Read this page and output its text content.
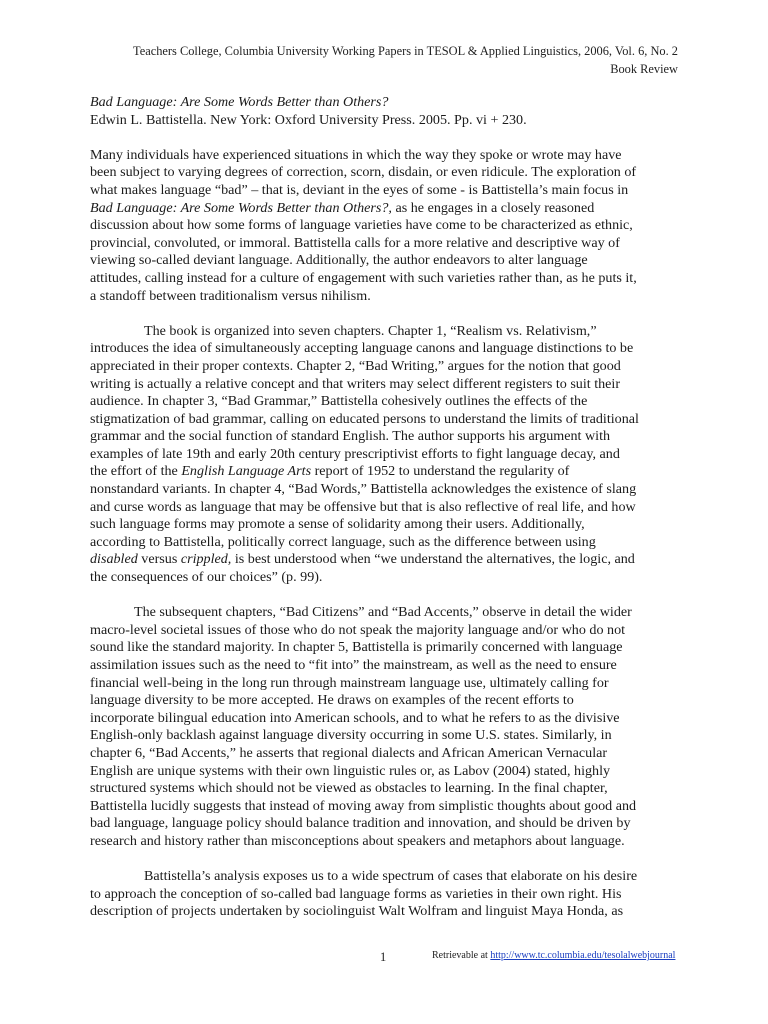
Teachers College, Columbia University Working Papers in TESOL & Applied Linguistics, 2006, Vol. 6, No. 2
Book Review

Bad Language: Are Some Words Better than Others?

Edwin L. Battistella. New York: Oxford University Press. 2005. Pp. vi + 230.

Many individuals have experienced situations in which the way they spoke or wrote may have
been subject to varying degrees of correction, scorn, disdain, or even ridicule. The exploration of
what makes language “bad” – that is, deviant in the eyes of some - is Battistella’s main focus in
Bad Language: Are Some Words Better than Others?, as he engages in a closely reasoned
discussion about how some forms of language varieties have come to be characterized as ethnic,
provincial, convoluted, or immoral. Battistella calls for a more relative and descriptive way of
viewing so-called deviant language. Additionally, the author endeavors to alter language
attitudes, calling instead for a culture of engagement with such varieties rather than, as he puts it,
a standoff between traditionalism versus nihilism.
The book is organized into seven chapters. Chapter 1, “Realism vs. Relativism,”
introduces the idea of simultaneously accepting language canons and language distinctions to be
appreciated in their proper contexts. Chapter 2, “Bad Writing,” argues for the notion that good
writing is actually a relative concept and that writers may select different registers to suit their
audience. In chapter 3, “Bad Grammar,” Battistella cohesively outlines the effects of the
stigmatization of bad grammar, calling on educated persons to understand the limits of traditional
grammar and the social function of standard English. The author supports his argument with
examples of late 19th and early 20th century prescriptivist efforts to fight language decay, and
the effort of the English Language Arts report of 1952 to understand the regularity of
nonstandard variants. In chapter 4, “Bad Words,” Battistella acknowledges the existence of slang
and curse words as language that may be offensive but that is also reflective of real life, and how
such language forms may promote a sense of solidarity among their users. Additionally,
according to Battistella, politically correct language, such as the difference between using
disabled versus crippled, is best understood when “we understand the alternatives, the logic, and
the consequences of our choices” (p. 99).
The subsequent chapters, “Bad Citizens” and “Bad Accents,” observe in detail the wider
macro-level societal issues of those who do not speak the majority language and/or who do not
sound like the standard majority. In chapter 5, Battistella is primarily concerned with language
assimilation issues such as the need to “fit into” the mainstream, as well as the need to ensure
financial well-being in the long run through mainstream language use, ultimately calling for
language diversity to be more accepted. He draws on examples of the recent efforts to
incorporate bilingual education into American schools, and to what he refers to as the divisive
English-only backlash against language diversity occurring in some U.S. states. Similarly, in
chapter 6, “Bad Accents,” he asserts that regional dialects and African American Vernacular
English are unique systems with their own linguistic rules or, as Labov (2004) stated, highly
structured systems which should not be viewed as obstacles to learning. In the final chapter,
Battistella lucidly suggests that instead of moving away from simplistic thoughts about good and
bad language, language policy should balance tradition and innovation, and should be driven by
research and history rather than misconceptions about speakers and metaphors about language.
Battistella’s analysis exposes us to a wide spectrum of cases that elaborate on his desire
to approach the conception of so-called bad language forms as varieties in their own right. His
description of projects undertaken by sociolinguist Walt Wolfram and linguist Maya Honda, as
1	Retrievable at http://www.tc.columbia.edu/tesolalwebjournal
